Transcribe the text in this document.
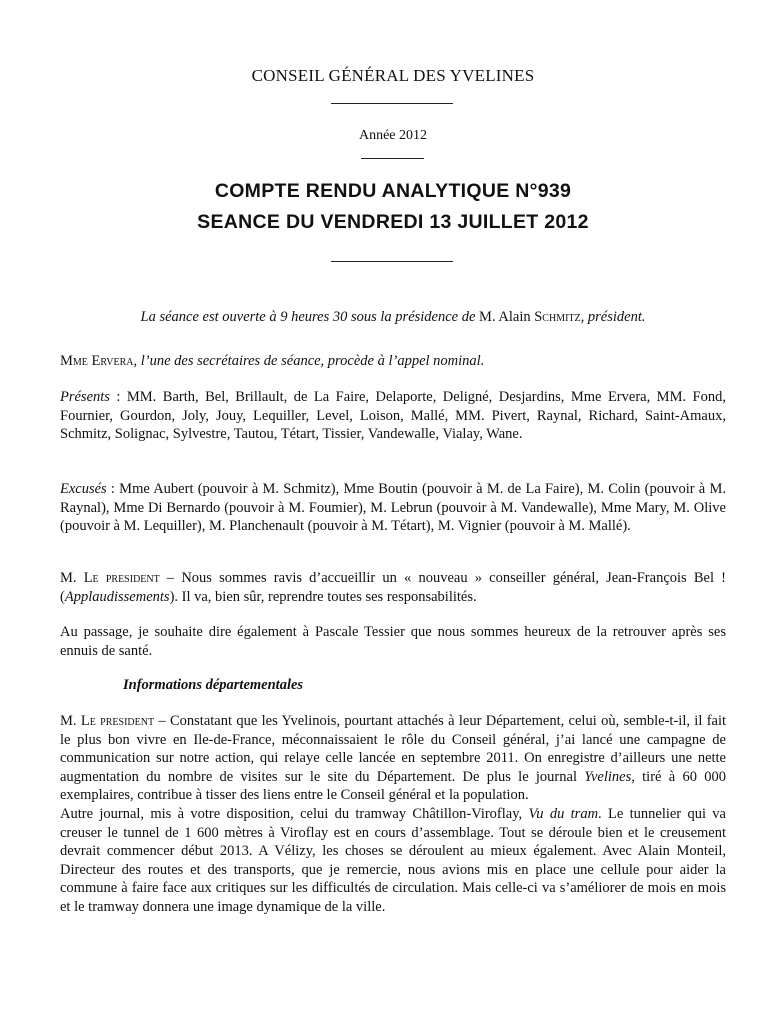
CONSEIL GÉNÉRAL DES YVELINES
Année 2012
COMPTE RENDU ANALYTIQUE N°939
SEANCE DU VENDREDI 13 JUILLET 2012
La séance est ouverte à 9 heures 30 sous la présidence de M. Alain Schmitz, président.

Mme Ervera, l’une des secrétaires de séance, procède à l’appel nominal.

Présents : MM. Barth, Bel, Brillault, de La Faire, Delaporte, Deligné, Desjardins, Mme Ervera, MM. Fond, Fournier, Gourdon, Joly, Jouy, Lequiller, Level, Loison, Mallé, MM. Pivert, Raynal, Richard, Saint-Amaux, Schmitz, Solignac, Sylvestre, Tautou, Tétart, Tissier, Vandewalle, Vialay, Wane.

Excusés : Mme Aubert (pouvoir à M. Schmitz), Mme Boutin (pouvoir à M. de La Faire), M. Colin (pouvoir à M. Raynal), Mme Di Bernardo (pouvoir à M. Foumier), M. Lebrun (pouvoir à M. Vandewalle), Mme Mary, M. Olive (pouvoir à M. Lequiller), M. Planchenault (pouvoir à M. Tétart), M. Vignier (pouvoir à M. Mallé).

M. Le president – Nous sommes ravis d’accueillir un « nouveau » conseiller général, Jean-François Bel ! (Applaudissements). Il va, bien sûr, reprendre toutes ses responsabilités.

Au passage, je souhaite dire également à Pascale Tessier que nous sommes heureux de la retrouver après ses ennuis de santé.

Informations départementales

M. Le president – Constatant que les Yvelinois, pourtant attachés à leur Département, celui où, semble-t-il, il fait le plus bon vivre en Ile-de-France, méconnaissaient le rôle du Conseil général, j’ai lancé une campagne de communication sur notre action, qui relaye celle lancée en septembre 2011. On enregistre d’ailleurs une nette augmentation du nombre de visites sur le site du Département. De plus le journal Yvelines, tiré à 60 000 exemplaires, contribue à tisser des liens entre le Conseil général et la population.

Autre journal, mis à votre disposition, celui du tramway Châtillon-Viroflay, Vu du tram. Le tunnelier qui va creuser le tunnel de 1 600 mètres à Viroflay est en cours d’assemblage. Tout se déroule bien et le creusement devrait commencer début 2013. A Vélizy, les choses se déroulent au mieux également. Avec Alain Monteil, Directeur des routes et des transports, que je remercie, nous avions mis en place une cellule pour aider la commune à faire face aux critiques sur les difficultés de circulation. Mais celle-ci va s’améliorer de mois en mois et le tramway donnera une image dynamique de la ville.
